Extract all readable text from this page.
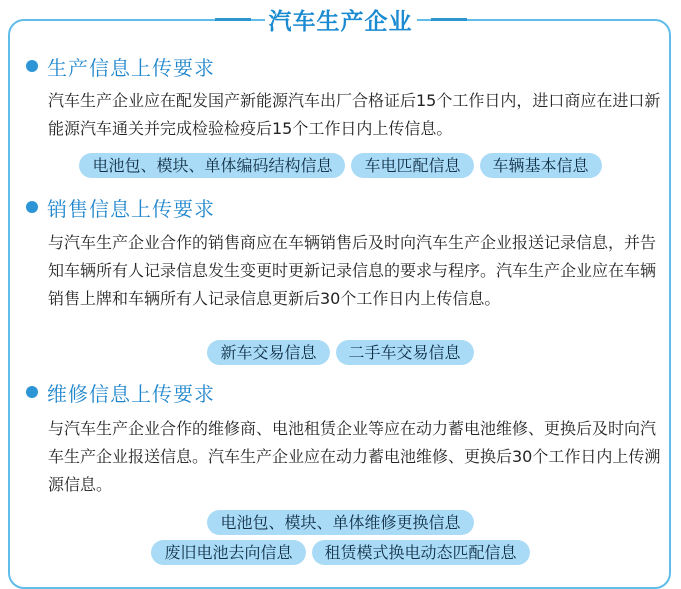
汽车生产企业
生产信息上传要求

汽车生产企业应在配发国产新能源汽车出厂合格证后15个工作日内，进口商应在进口新能源汽车通关并完成检验检疫后15个工作日内上传信息。

电池包、模块、单体编码结构信息	车电匹配信息	车辆基本信息
销售信息上传要求

与汽车生产企业合作的销售商应在车辆销售后及时向汽车生产企业报送记录信息，并告知车辆所有人记录信息发生变更时更新记录信息的要求与程序。汽车生产企业应在车辆销售上牌和车辆所有人记录信息更新后30个工作日内上传信息。

新车交易信息	二手车交易信息
维修信息上传要求

与汽车生产企业合作的维修商、电池租赁企业等应在动力蓄电池维修、更换后及时向汽车生产企业报送信息。汽车生产企业应在动力蓄电池维修、更换后30个工作日内上传溯源信息。

电池包、模块、单体维修更换信息
废旧电池去向信息	租赁模式换电动态匹配信息
